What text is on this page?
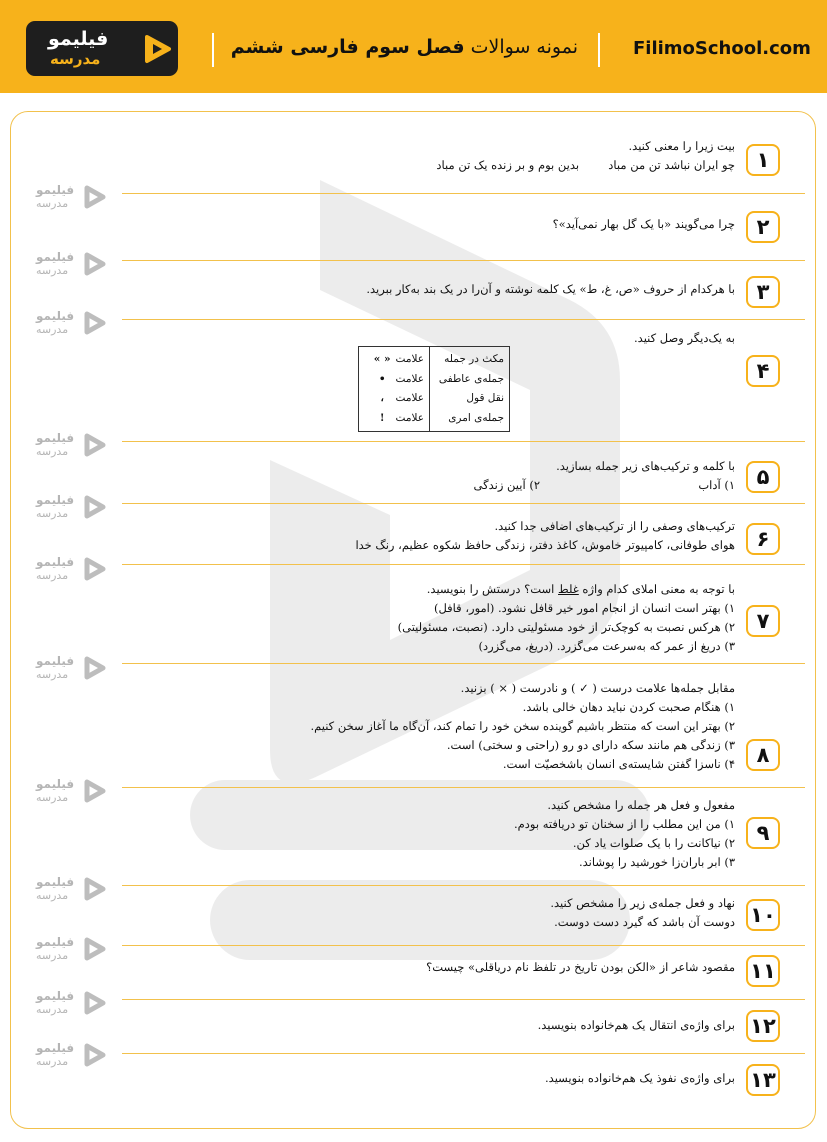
فیلیمو
مدرسه
نمونه سوالات فصل سوم فارسی ششم	FilimoSchool.com
فیلیمو
مدرسه
فیلیمو
مدرسه
فیلیمو
مدرسه
فیلیمو
مدرسه
فیلیمو
مدرسه
فیلیمو
مدرسه
فیلیمو
مدرسه
فیلیمو
مدرسه
فیلیمو
مدرسه
فیلیمو
مدرسه
فیلیمو
مدرسه
فیلیمو
مدرسه
۱
بیت زیرا را معنی کنید.
چو ایران نباشد تن من مباد        بدین بوم و بر زنده یک تن مباد
۲
چرا می‌گویند «با یک گل بهار نمی‌آید»؟
۳
با هرکدام از حروف «ص، غ، ط» یک کلمه نوشته و آن‌را در یک بند به‌کار ببرید.
۴
به یک‌دیگر وصل کنید.
مکث در جمله
جمله‌ی عاطفی
نقل قول
جمله‌ی امری
علامت « »
علامت •
علامت ،
علامت !
۵
با کلمه و ترکیب‌های زیر جمله بسازید.
۱) آداب
۲) آیین زندگی
۶
ترکیب‌های وصفی را از ترکیب‌های اضافی جدا کنید.
هوای طوفانی، کامپیوتر خاموش، کاغذ دفتر، زندگی حافظ شکوه عظیم، رنگ خدا
۷
با توجه به معنی املای کدام واژه غلط است؟ درستش را بنویسید.
۱) بهتر است انسان از انجام امور خیر قافل نشود. (امور، قافل)
۲) هرکس نصبت به کوچک‌تر از خود مسئولیتی دارد. (نصبت، مسئولیتی)
۳) دریغ از عمر که به‌سرعت می‌گزرد. (دریغ، می‌گزرد)
۸
مقابل جمله‌ها علامت درست ( ✓ ) و نادرست ( × ) بزنید.
۱) هنگام صحبت کردن نباید دهان خالی باشد.
۲) بهتر این است که منتظر باشیم گوینده سخن خود را تمام کند، آن‌گاه ما آغاز سخن کنیم.
۳) زندگی هم مانند سکه دارای دو رو (راحتی و سختی) است.
۴) ناسزا گفتن شایسته‌ی انسان باشخصیّت است.
۹
مفعول و فعل هر جمله را مشخص کنید.
۱) من این مطلب را از سخنان تو دریافته بودم.
۲) نیاکانت را با یک صلوات یاد کن.
۳) ابر باران‌زا خورشید را پوشاند.
۱۰
نهاد و فعل جمله‌ی زیر را مشخص کنید.
دوست آن باشد که گیرد دست دوست.
۱۱
مقصود شاعر از «الکن بودن تاریخ در تلفظ نام دریاقلی» چیست؟
۱۲
برای واژه‌ی انتقال یک هم‌خانواده بنویسید.
۱۳
برای واژه‌ی نفوذ یک هم‌خانواده بنویسید.
